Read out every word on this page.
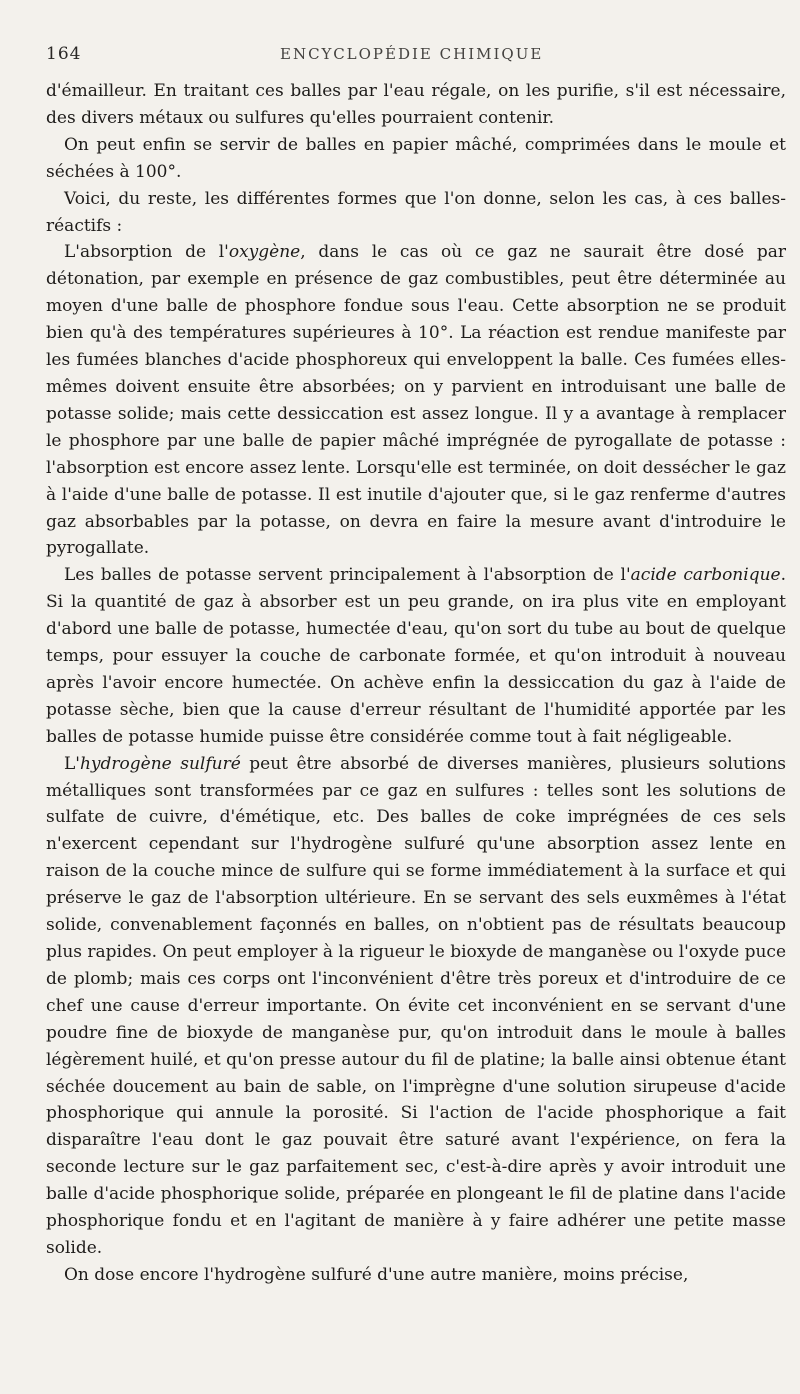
164	ENCYCLOPÉDIE CHIMIQUE

d'émailleur. En traitant ces balles par l'eau régale, on les purifie, s'il est nécessaire, des divers métaux ou sulfures qu'elles pourraient contenir.

On peut enfin se servir de balles en papier mâché, comprimées dans le moule et séchées à 100°.

Voici, du reste, les différentes formes que l'on donne, selon les cas, à ces balles-réactifs :

L'absorption de l'oxygène, dans le cas où ce gaz ne saurait être dosé par détonation, par exemple en présence de gaz combustibles, peut être déterminée au moyen d'une balle de phosphore fondue sous l'eau. Cette absorption ne se produit bien qu'à des températures supérieures à 10°. La réaction est rendue manifeste par les fumées blanches d'acide phosphoreux qui enveloppent la balle. Ces fumées elles-mêmes doivent ensuite être absorbées; on y parvient en introduisant une balle de potasse solide; mais cette dessiccation est assez longue. Il y a avantage à remplacer le phosphore par une balle de papier mâché imprégnée de pyrogallate de potasse : l'absorption est encore assez lente. Lorsqu'elle est terminée, on doit dessécher le gaz à l'aide d'une balle de potasse. Il est inutile d'ajouter que, si le gaz renferme d'autres gaz absorbables par la potasse, on devra en faire la mesure avant d'introduire le pyrogallate.

Les balles de potasse servent principalement à l'absorption de l'acide carbonique. Si la quantité de gaz à absorber est un peu grande, on ira plus vite en employant d'abord une balle de potasse, humectée d'eau, qu'on sort du tube au bout de quelque temps, pour essuyer la couche de carbonate formée, et qu'on introduit à nouveau après l'avoir encore humectée. On achève enfin la dessiccation du gaz à l'aide de potasse sèche, bien que la cause d'erreur résultant de l'humidité apportée par les balles de potasse humide puisse être considérée comme tout à fait négligeable.

L'hydrogène sulfuré peut être absorbé de diverses manières, plusieurs solutions métalliques sont transformées par ce gaz en sulfures : telles sont les solutions de sulfate de cuivre, d'émétique, etc. Des balles de coke imprégnées de ces sels n'exercent cependant sur l'hydrogène sulfuré qu'une absorption assez lente en raison de la couche mince de sulfure qui se forme immédiatement à la surface et qui préserve le gaz de l'absorption ultérieure. En se servant des sels euxmêmes à l'état solide, convenablement façonnés en balles, on n'obtient pas de résultats beaucoup plus rapides. On peut employer à la rigueur le bioxyde de manganèse ou l'oxyde puce de plomb; mais ces corps ont l'inconvénient d'être très poreux et d'introduire de ce chef une cause d'erreur importante. On évite cet inconvénient en se servant d'une poudre fine de bioxyde de manganèse pur, qu'on introduit dans le moule à balles légèrement huilé, et qu'on presse autour du fil de platine; la balle ainsi obtenue étant séchée doucement au bain de sable, on l'imprègne d'une solution sirupeuse d'acide phosphorique qui annule la porosité. Si l'action de l'acide phosphorique a fait disparaître l'eau dont le gaz pouvait être saturé avant l'expérience, on fera la seconde lecture sur le gaz parfaitement sec, c'est-à-dire après y avoir introduit une balle d'acide phosphorique solide, préparée en plongeant le fil de platine dans l'acide phosphorique fondu et en l'agitant de manière à y faire adhérer une petite masse solide.

On dose encore l'hydrogène sulfuré d'une autre manière, moins précise,
